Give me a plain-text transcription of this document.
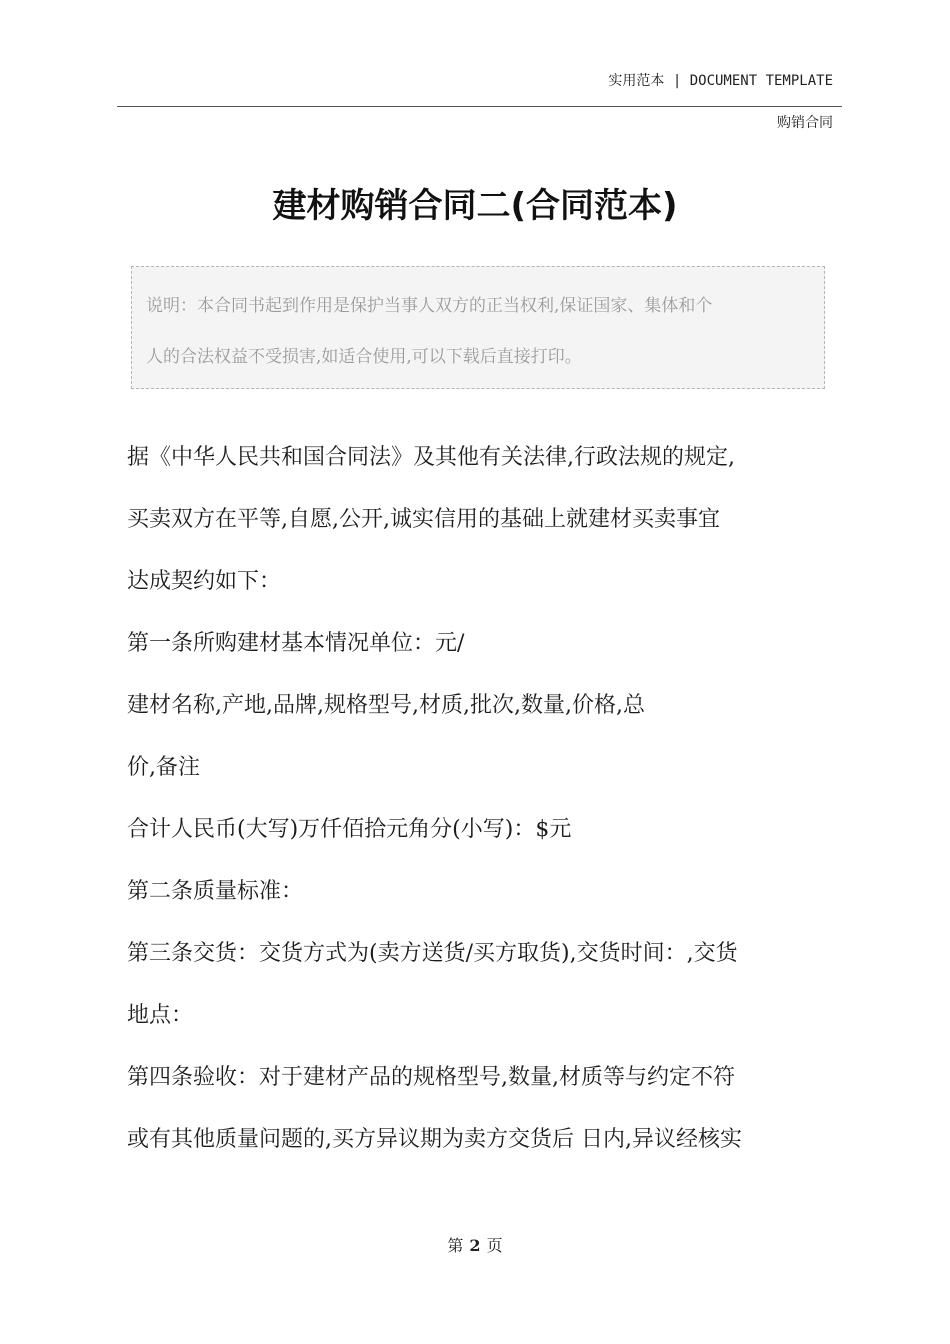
实用范本 | DOCUMENT TEMPLATE
购销合同
建材购销合同二(合同范本)

说明：本合同书起到作用是保护当事人双方的正当权利,保证国家、集体和个

人的合法权益不受损害,如适合使用,可以下载后直接打印。

据《中华人民共和国合同法》及其他有关法律,行政法规的规定,

买卖双方在平等,自愿,公开,诚实信用的基础上就建材买卖事宜

达成契约如下：

第一条所购建材基本情况单位：元/

建材名称,产地,品牌,规格型号,材质,批次,数量,价格,总

价,备注

合计人民币(大写)万仟佰拾元角分(小写)：$元

第二条质量标准：

第三条交货：交货方式为(卖方送货/买方取货),交货时间：,交货

地点：

第四条验收：对于建材产品的规格型号,数量,材质等与约定不符

或有其他质量问题的,买方异议期为卖方交货后 日内,异议经核实

第 2 页
